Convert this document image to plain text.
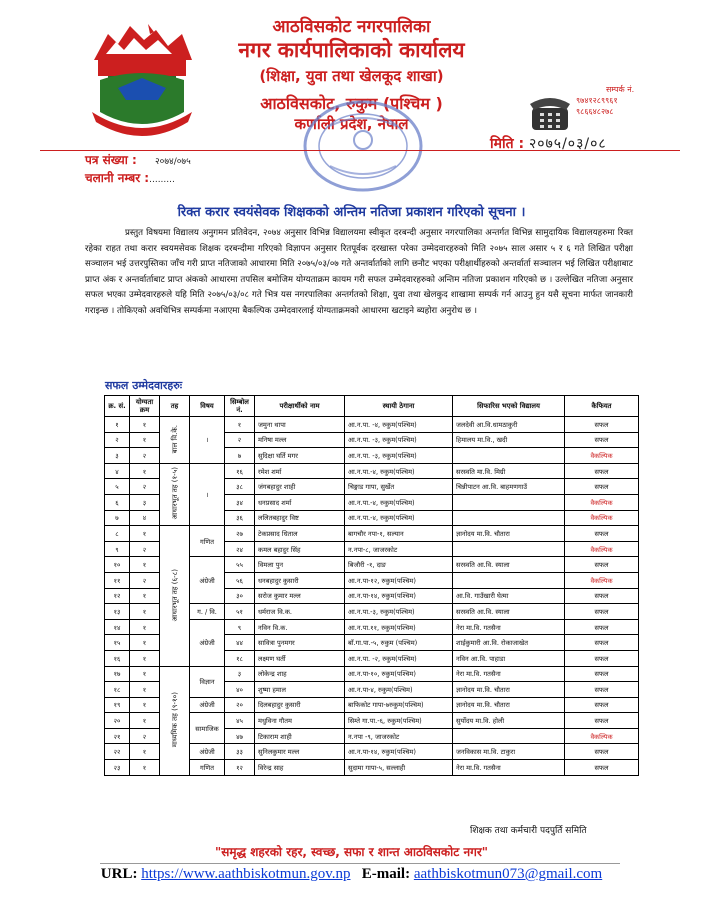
आठविसकोट नगरपालिका
नगर कार्यपालिकाको कार्यालय
(शिक्षा, युवा तथा खेलकूद शाखा)
आठविसकोट, रुकुम (पश्चिम )
कर्णाली प्रदेश, नेपाल
सम्पर्क नं.
९७४१२८९९६१
९८६६४८२७८
मिति : २०७५/०३/०८
पत्र संख्या : २०७४/०७५
चलानी नम्बर :.........
रिक्त करार स्वयंसेवक शिक्षकको अन्तिम नतिजा प्रकाशन गरिएको सूचना ।
प्रस्तुत विषयमा विद्यालय अनुगमन प्रतिवेदन, २०७४ अनुसार विभिन्न विद्यालयमा स्वीकृत दरबन्दी अनुसार नगरपालिका अन्तर्गत विभिन्न सामुदायिक विद्यालयहरुमा रिक्त रहेका राहत तथा करार स्वयमसेवक शिक्षक दरबन्दीमा गरिएको विज्ञापन अनुसार रितपूर्वक दरखास्त परेका उम्मेदवारहरुको मिति २०७५ साल असार ५ र ६ गते लिखित परीक्षा सञ्चालन भई उत्तरपुस्तिका जाँच गरी प्राप्त नतिजाको आधारमा मिति २०७५/०३/०७ गते अन्तर्वार्ताको लागि छनौट भएका परीक्षार्थीहरुको अन्तर्वार्ता सञ्चालन भई लिखित परीक्षाबाट प्राप्त अंक र अन्तर्वार्ताबाट प्राप्त अंकको आधारमा तपसिल बमोजिम योग्यताक्रम कायम गरी सफल उम्मेदवारहरुको अन्तिम नतिजा प्रकाशन गरिएको छ । उल्लेखित नतिजा अनुसार सफल भएका उम्मेदवारहरुले यहि मिति २०७५/०३/०८ गते भित्र यस नगरपालिका अन्तर्गतको शिक्षा, युवा तथा खेलकुद शाखामा सम्पर्क गर्न आउनु हुन यसै सूचना मार्फत जानकारी गराइन्छ । तोकिएको अवधिभित्र सम्पर्कमा नआएमा बैकल्पिक उम्मेदवारलाई योग्यताक्रमको आधारमा खटाइने ब्यहोरा अनुरोध छ ।
सफल उम्मेदवारहरुः
क्र. सं.	योग्यता क्रम	तह	विषय	सिम्बोल नं.	परीक्षार्थीको नाम	स्थायी ठेगाना	सिफारिस भएको विद्यालय	कैफियत
१	१	बाल वि.के.	।	१	जमुना थापा	आ.न.पा. -४, रुकुम(पश्चिम)	जलदेवी आ.वि.धामठाकुरी	सफल
२	१			२	मनिषा मल्ल	आ.न.पा. -३, रुकुम(पश्चिम)	हिमालय मा.वि., खदी	सफल
३	२			७	सुदिक्षा घर्ति मगर	आ.न.पा. -३, रुकुम(पश्चिम)		वैकल्पिक
४	१	आधारभूत तह (१-५)	।	१६	रमेश शर्मा	आ.न.पा.-४, रुकुम(पश्चिम)	सरस्वति मा.वि. मिग्री	सफल
५	२			३८	जंगबहादुर शाही	चिङ्गाड गापा, सुर्खेत	चिन्नीपाटन आ.वि. बाहमणगाउँ	सफल
६	३			३४	धनप्रसाद शर्मा	आ.न.पा.-४, रुकुम(पश्चिम)		वैकल्पिक
७	४			३६	ललितबहादुर विष्ट	आ.न.पा.-४, रुकुम(पश्चिम)		वैकल्पिक
८	१	आधारभूत तह (६-८)	गणित	२७	टेकप्रसाद धिताल	बागचौर नपा-१, सल्यान	ज्ञानोदय मा.वि. चौतारा	सफल
९	२			२४	कमल बहादुर सिंह	न.नपा-८, जाजरकोट		वैकल्पिक
१०	१		अंग्रेजी	५५	विमला पुन	बिजौरी -१, दाङ	सरस्वति आ.वि. स्याला	सफल
११	२			५६	धनबहादुर कुसारी	आ.न.पा-१२, रुकुम(पश्चिम)		वैकल्पिक
१२	१			३०	सरोज कुमार मल्ल	आ.न.पा-१४, रुकुम(पश्चिम)	आ.वि. गाउँखारी घेत्मा	सफल
१३	१		ग. / वि.	५१	धर्मराज वि.क.	आ.न.पा.-३, रुकुम(पश्चिम)	सरस्वति आ.वि. स्याला	सफल
१४	१		अंग्रेजी	९	नविन वि.क.	आ.न.पा.११, रुकुम(पश्चिम)	नेरा मा.वि. गतसैना	सफल
१५	१			४४	सावित्रा पुनमगर	बाँ.गा.पा.-५, रुकुम (पश्चिम)	शाईकुमारी आ.वि. रोकाजाखेत	सफल
१६	१			१८	लक्ष्मण घर्ती	आ.न.पा. -२, रुकुम(पश्चिम)	नविन आ.वि. पाहाडा	सफल
१७	१	माध्यमिक तह (९-१०)	विज्ञान	३	लोकेन्द्र शाह	आ.न.पा-१०, रुकुम(पश्चिम)	नेरा मा.वि. गतसैना	सफल
१८	१			४०	शुष्मा हमाल	आ.न.पा-४, रुकुम(पश्चिम)	ज्ञानोदय मा.वि. चौतारा	सफल
१९	१		अंग्रेजी	२०	दिलबहादुर कुसारी	बाफिकोट गापा-७रुकुम(पश्चिम)	ज्ञानोदय मा.वि. चौतारा	सफल
२०	१		सामाजिक	४५	मधुविना गौतम	सिम्ते गा.पा.-६, रुकुम(पश्चिम)	सुर्योदय मा.वि. होली	सफल
२१	२			४७	टिकाराम शाही	न.नपा -९, जाजरकोट		वैकल्पिक
२२	१		अंग्रेजी	३३	सुनिलकुमार मल्ल	आ.न.पा-१४, रुकुम(पश्चिम)	जनविकास मा.वि. टाकुरा	सफल
२३	१		गणित	१२	विरेन्द्र साह	सुदामा गापा-५, सल्लाही	नेरा मा.वि. गतसैना	सफल
शिक्षक तथा कर्मचारी पदपुर्ति समिति
"समृद्ध शहरको रहर, स्वच्छ, सफा र शान्त आठविसकोट नगर"
URL: https://www.aathbiskotmun.gov.np E-mail: aathbiskotmun073@gmail.com
